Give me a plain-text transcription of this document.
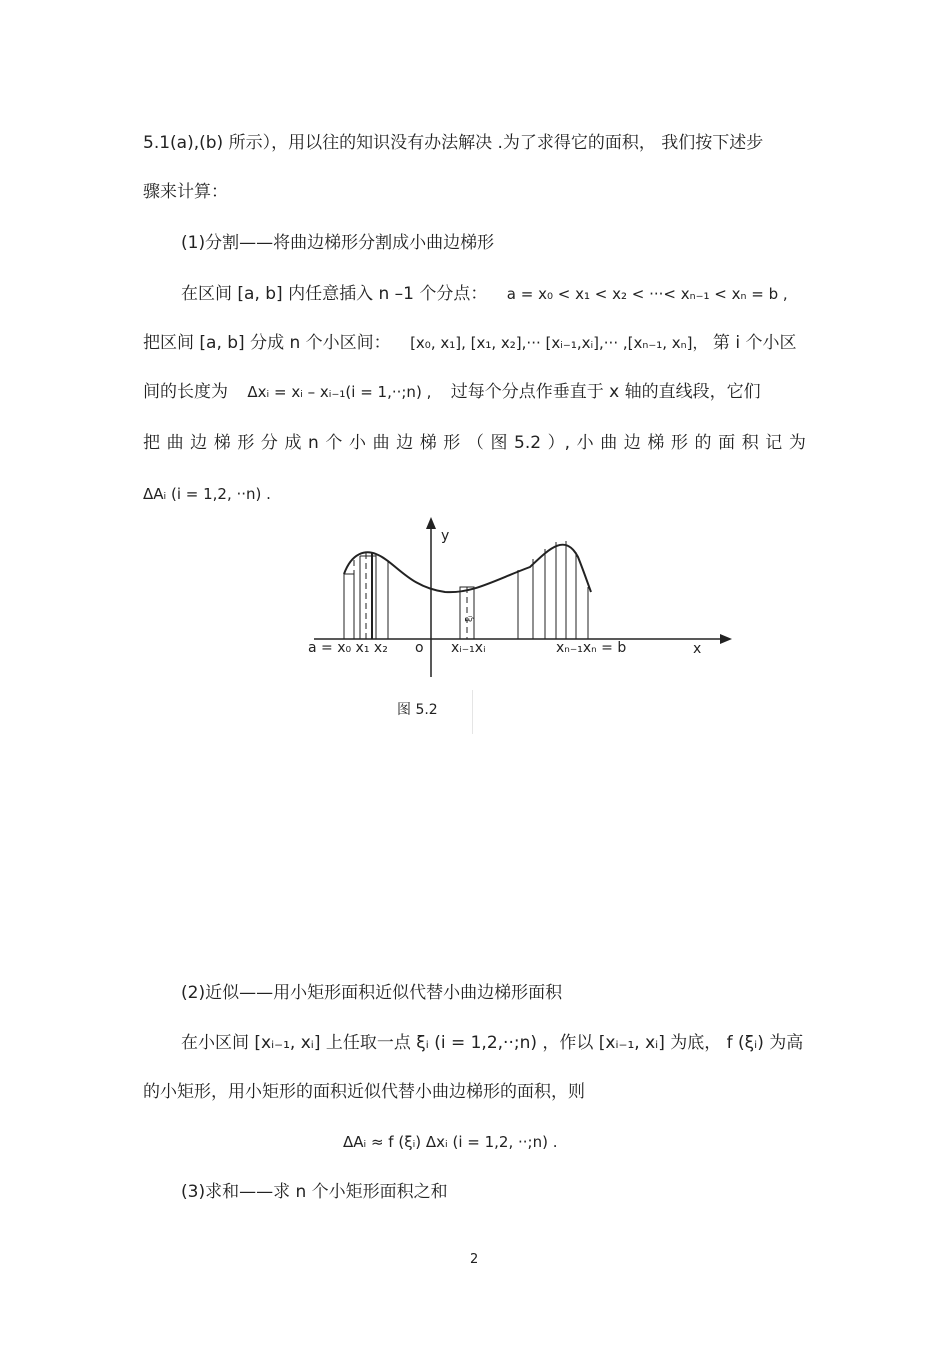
5.1(a),(b) 所示），用以往的知识没有办法解决 .为了求得它的面积， 我们按下述步
骤来计算：
(1)分割——将曲边梯形分割成小曲边梯形
在区间 [a, b] 内任意插入 n –1 个分点： a = x₀ < x₁ < x₂ < ···< xₙ₋₁ < xₙ = b ,
把区间 [a, b] 分成 n 个小区间： [x₀, x₁], [x₁, x₂],··· [xᵢ₋₁,xᵢ],··· ,[xₙ₋₁, xₙ]， 第 i 个小区
间的长度为 Δxᵢ = xᵢ – xᵢ₋₁(i = 1,··;n) , 过每个分点作垂直于 x 轴的直线段，它们
把 曲 边 梯 形 分 成 n 个 小 曲 边 梯 形 （ 图 5.2 ）, 小 曲 边 梯 形 的 面 积 记 为
ΔAᵢ (i = 1,2, ··n) .
y
x
o
a = x₀ x₁ x₂	xᵢ₋₁xᵢ	xₙ₋₁xₙ = b
ξᵢ
图 5.2
(2)近似——用小矩形面积近似代替小曲边梯形面积
在小区间 [xᵢ₋₁, xᵢ] 上任取一点 ξᵢ (i = 1,2,··;n) ，作以 [xᵢ₋₁, xᵢ] 为底， f (ξᵢ) 为高
的小矩形，用小矩形的面积近似代替小曲边梯形的面积，则
ΔAᵢ ≈ f (ξᵢ) Δxᵢ (i = 1,2, ··;n) .
(3)求和——求 n 个小矩形面积之和
2
